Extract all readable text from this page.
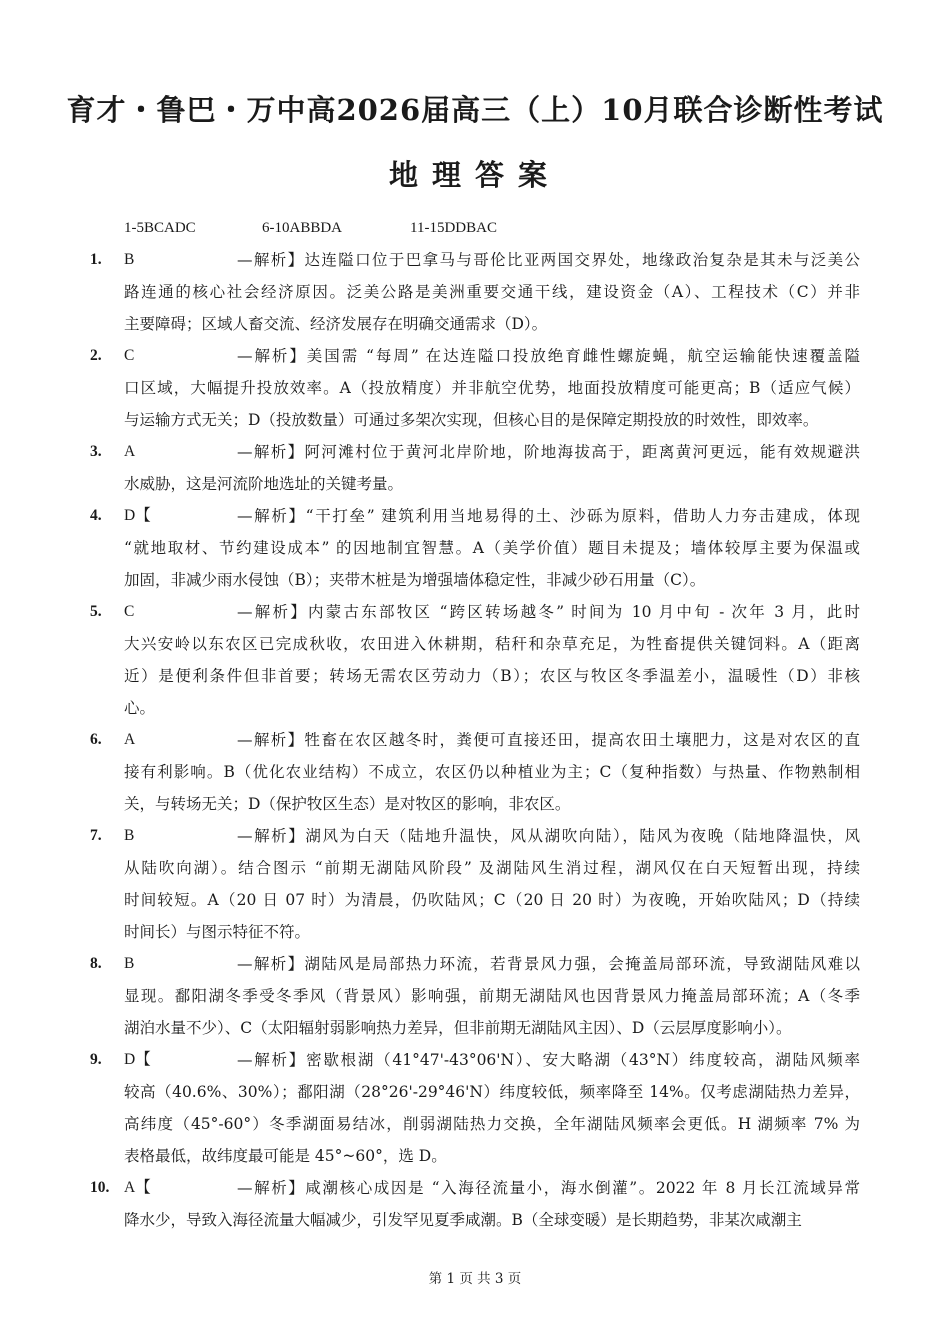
育才・鲁巴・万中高2026届高三（上）10月联合诊断性考试
地理答案
1-5BCADC	6-10ABBDA	11-15DDBAC
1. B	—解析】达连隘口位于巴拿马与哥伦比亚两国交界处，地缘政治复杂是其未与泛美公
路连通的核心社会经济原因。泛美公路是美洲重要交通干线，建设资金（A）、工程技术（C）并非
主要障碍；区域人畜交流、经济发展存在明确交通需求（D）。
2. C	—解析】美国需 “每周” 在达连隘口投放绝育雌性螺旋蝇，航空运输能快速覆盖隘
口区域，大幅提升投放效率。A（投放精度）并非航空优势，地面投放精度可能更高；B（适应气候）
与运输方式无关；D（投放数量）可通过多架次实现，但核心目的是保障定期投放的时效性，即效率。
3. A	—解析】阿河滩村位于黄河北岸阶地，阶地海拔高于，距离黄河更远，能有效规避洪
水威胁，这是河流阶地选址的关键考量。
4. D【	—解析】“干打垒” 建筑利用当地易得的土、沙砾为原料，借助人力夯击建成，体现
“就地取材、节约建设成本” 的因地制宜智慧。A（美学价值）题目未提及；墙体较厚主要为保温或
加固，非减少雨水侵蚀（B）；夹带木桩是为增强墙体稳定性，非减少砂石用量（C）。
5. C	—解析】内蒙古东部牧区 “跨区转场越冬” 时间为 10 月中旬 - 次年 3 月，此时
大兴安岭以东农区已完成秋收，农田进入休耕期，秸秆和杂草充足，为牲畜提供关键饲料。A（距离
近）是便利条件但非首要；转场无需农区劳动力（B）；农区与牧区冬季温差小，温暖性（D）非核
心。
6. A	—解析】牲畜在农区越冬时，粪便可直接还田，提高农田土壤肥力，这是对农区的直
接有利影响。B（优化农业结构）不成立，农区仍以种植业为主；C（复种指数）与热量、作物熟制相
关，与转场无关；D（保护牧区生态）是对牧区的影响，非农区。
7. B	—解析】湖风为白天（陆地升温快，风从湖吹向陆），陆风为夜晚（陆地降温快，风
从陆吹向湖）。结合图示 “前期无湖陆风阶段” 及湖陆风生消过程，湖风仅在白天短暂出现，持续
时间较短。A（20 日 07 时）为清晨，仍吹陆风；C（20 日 20 时）为夜晚，开始吹陆风；D（持续
时间长）与图示特征不符。
8. B	—解析】湖陆风是局部热力环流，若背景风力强，会掩盖局部环流，导致湖陆风难以
显现。鄱阳湖冬季受冬季风（背景风）影响强，前期无湖陆风也因背景风力掩盖局部环流；A（冬季
湖泊水量不少）、C（太阳辐射弱影响热力差异，但非前期无湖陆风主因）、D（云层厚度影响小）。
9. D【	—解析】密歇根湖（41°47'-43°06'N）、安大略湖（43°N）纬度较高，湖陆风频率
较高（40.6%、30%）；鄱阳湖（28°26'-29°46'N）纬度较低，频率降至 14%。仅考虑湖陆热力差异，
高纬度（45°-60°）冬季湖面易结冰，削弱湖陆热力交换，全年湖陆风频率会更低。H 湖频率 7% 为
表格最低，故纬度最可能是 45°~60°，选 D。
10. A【	—解析】咸潮核心成因是 “入海径流量小，海水倒灌”。2022 年 8 月长江流域异常
降水少，导致入海径流量大幅减少，引发罕见夏季咸潮。B（全球变暖）是长期趋势，非某次咸潮主
第 1 页 共 3 页
